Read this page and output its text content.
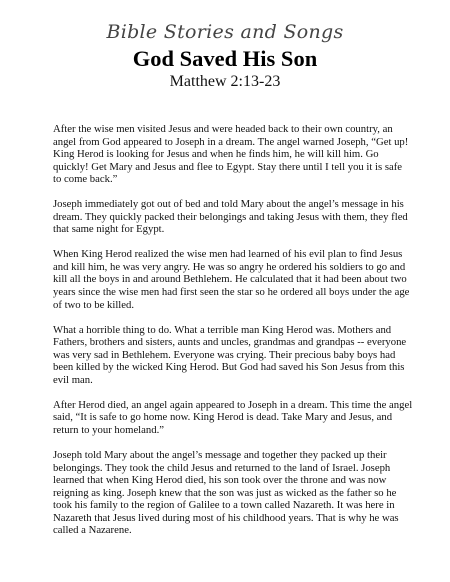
Bible Stories and Songs
God Saved His Son
Matthew 2:13-23

After the wise men visited Jesus and were headed back to their own country, an angel from God appeared to Joseph in a dream. The angel warned Joseph, “Get up! King Herod is looking for Jesus and when he finds him, he will kill him. Go quickly! Get Mary and Jesus and flee to Egypt. Stay there until I tell you it is safe to come back.”

Joseph immediately got out of bed and told Mary about the angel’s message in his dream. They quickly packed their belongings and taking Jesus with them, they fled that same night for Egypt.

When King Herod realized the wise men had learned of his evil plan to find Jesus and kill him, he was very angry. He was so angry he ordered his soldiers to go and kill all the boys in and around Bethlehem. He calculated that it had been about two years since the wise men had first seen the star so he ordered all boys under the age of two to be killed.

What a horrible thing to do. What a terrible man King Herod was. Mothers and Fathers, brothers and sisters, aunts and uncles, grandmas and grandpas -- everyone was very sad in Bethlehem. Everyone was crying. Their precious baby boys had been killed by the wicked King Herod. But God had saved his Son Jesus from this evil man.

After Herod died, an angel again appeared to Joseph in a dream. This time the angel said, “It is safe to go home now. King Herod is dead. Take Mary and Jesus, and return to your homeland.”

Joseph told Mary about the angel’s message and together they packed up their belongings. They took the child Jesus and returned to the land of Israel. Joseph learned that when King Herod died, his son took over the throne and was now reigning as king. Joseph knew that the son was just as wicked as the father so he took his family to the region of Galilee to a town called Nazareth. It was here in Nazareth that Jesus lived during most of his childhood years. That is why he was called a Nazarene.
